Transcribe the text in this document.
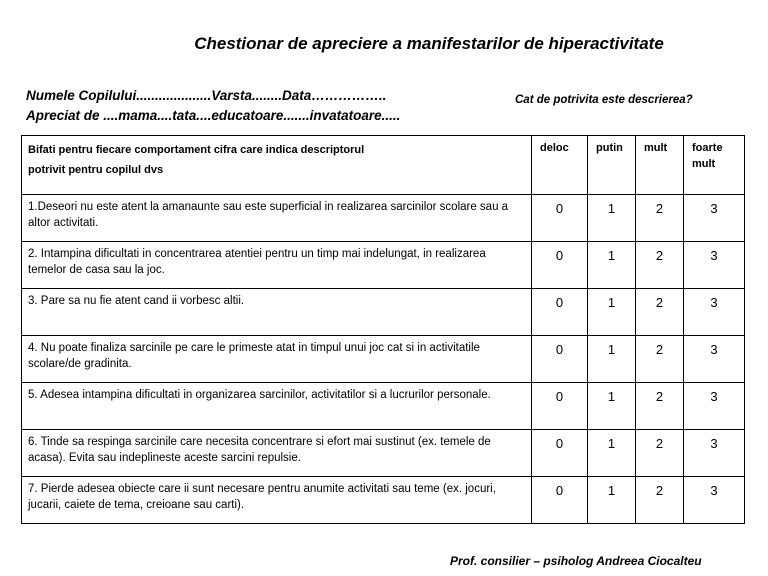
Chestionar de apreciere a manifestarilor de hiperactivitate
Numele Copilului....................Varsta........Data……………..
Apreciat de ....mama....tata....educatoare.......invatatoare.....
Cat de potrivita este descrierea?
Bifati pentru fiecare comportament cifra care indica descriptorul
potrivit pentru copilul dvs	deloc	putin	mult	foarte mult
1.Deseori nu este atent la amanaunte sau este superficial in realizarea sarcinilor scolare sau a altor activitati.	0	1	2	3
2. Intampina dificultati in concentrarea atentiei pentru un timp mai indelungat, in realizarea temelor de casa sau la joc.	0	1	2	3
3. Pare sa nu fie atent cand ii vorbesc altii.	0	1	2	3
4. Nu poate finaliza sarcinile pe care le primeste atat in timpul unui joc cat si in activitatile scolare/de gradinita.	0	1	2	3
5. Adesea intampina dificultati in organizarea sarcinilor, activitatilor si a lucrurilor personale.	0	1	2	3
6. Tinde sa respinga sarcinile care necesita concentrare si efort mai sustinut (ex. temele de acasa). Evita sau indeplineste aceste sarcini repulsie.	0	1	2	3
7. Pierde adesea obiecte care ii sunt necesare pentru anumite activitati sau teme (ex. jocuri, jucarii, caiete de tema, creioane sau carti).	0	1	2	3
Prof. consilier – psiholog Andreea Ciocalteu
